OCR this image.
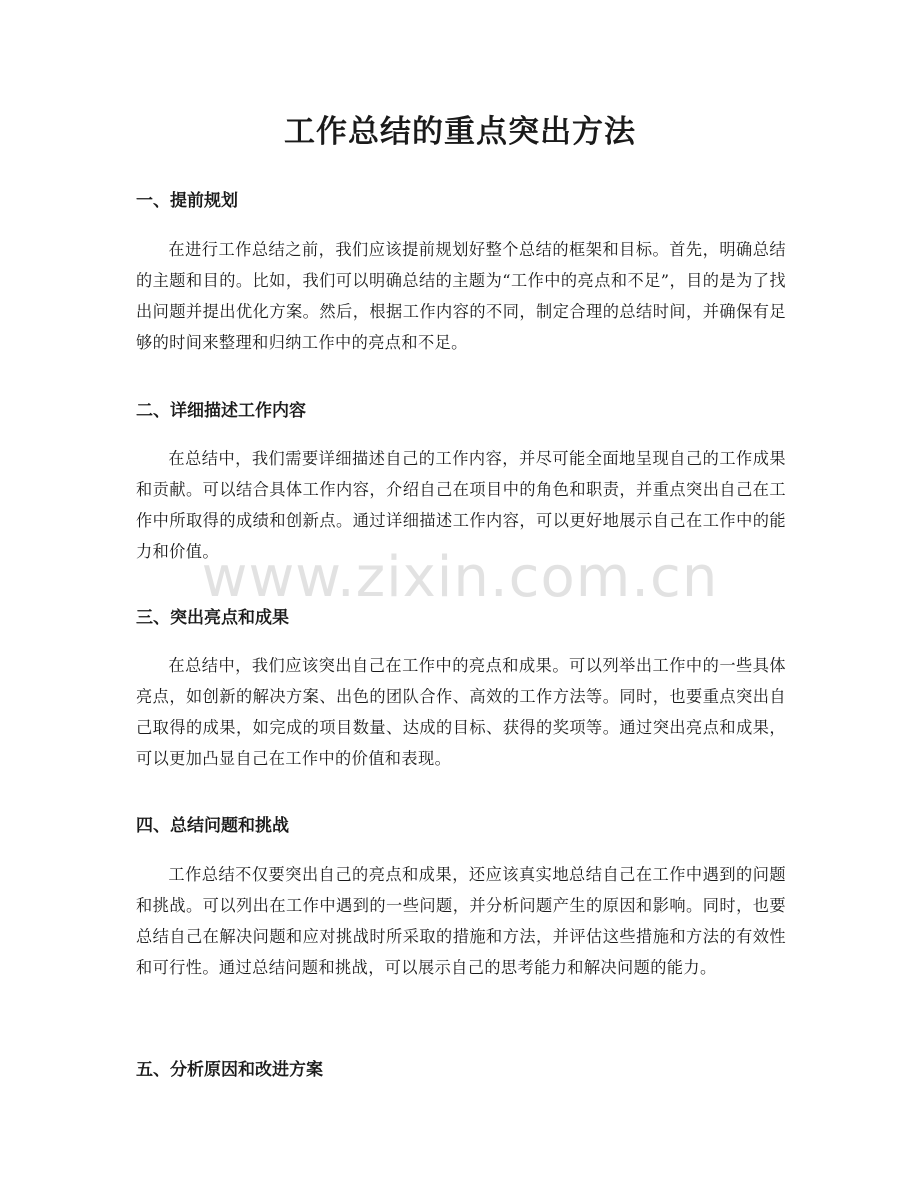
工作总结的重点突出方法
一、提前规划

在进行工作总结之前，我们应该提前规划好整个总结的框架和目标。首先，明确总结的主题和目的。比如，我们可以明确总结的主题为“工作中的亮点和不足”，目的是为了找出问题并提出优化方案。然后，根据工作内容的不同，制定合理的总结时间，并确保有足够的时间来整理和归纳工作中的亮点和不足。

二、详细描述工作内容

在总结中，我们需要详细描述自己的工作内容，并尽可能全面地呈现自己的工作成果和贡献。可以结合具体工作内容，介绍自己在项目中的角色和职责，并重点突出自己在工作中所取得的成绩和创新点。通过详细描述工作内容，可以更好地展示自己在工作中的能力和价值。

三、突出亮点和成果

在总结中，我们应该突出自己在工作中的亮点和成果。可以列举出工作中的一些具体亮点，如创新的解决方案、出色的团队合作、高效的工作方法等。同时，也要重点突出自己取得的成果，如完成的项目数量、达成的目标、获得的奖项等。通过突出亮点和成果，可以更加凸显自己在工作中的价值和表现。

四、总结问题和挑战

工作总结不仅要突出自己的亮点和成果，还应该真实地总结自己在工作中遇到的问题和挑战。可以列出在工作中遇到的一些问题，并分析问题产生的原因和影响。同时，也要总结自己在解决问题和应对挑战时所采取的措施和方法，并评估这些措施和方法的有效性和可行性。通过总结问题和挑战，可以展示自己的思考能力和解决问题的能力。

五、分析原因和改进方案
www.zixin.com.cn
